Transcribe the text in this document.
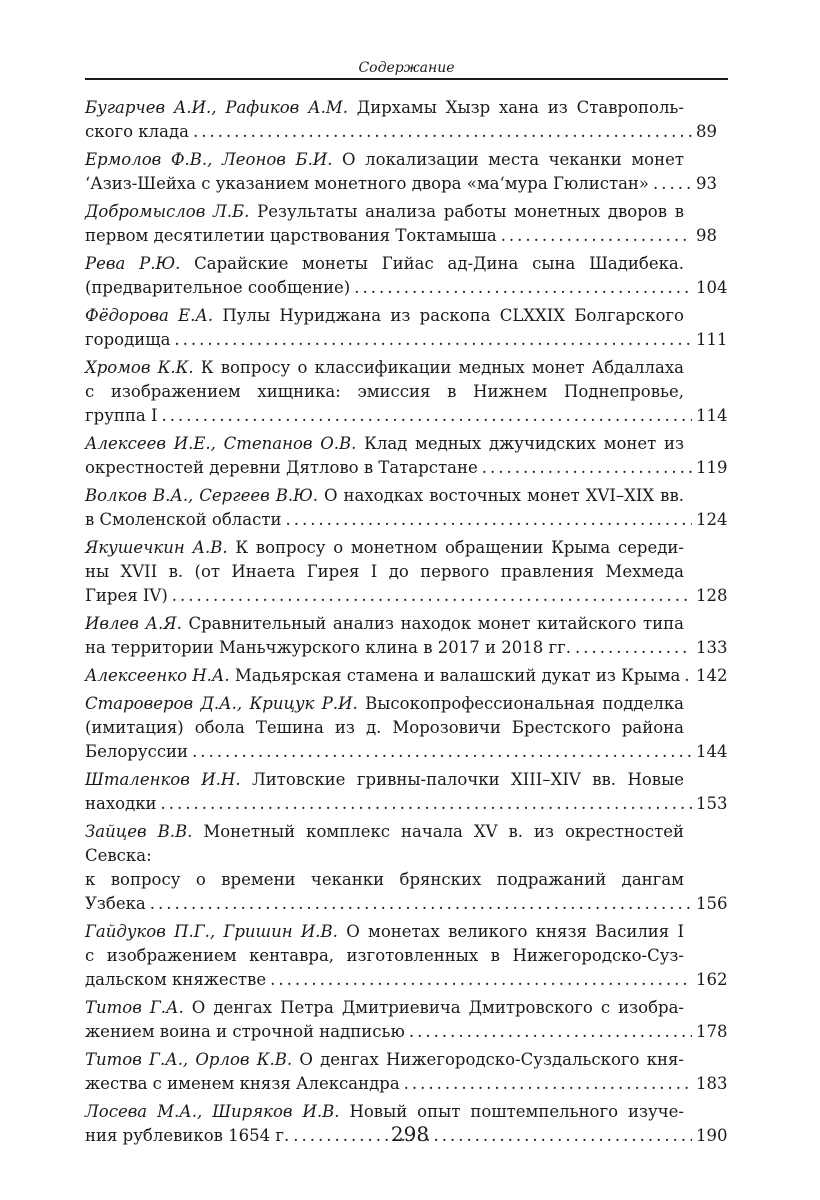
Содержание
Бугарчев А.И., Рафиков А.М. Дирхамы Хызр хана из Ставрополь-
ского клада .....	89
Ермолов Ф.В., Леонов Б.И. О локализации места чеканки монет
‘Азиз-Шейха с указанием монетного двора «ма‘мура Гюлистан» .....	93
Добромыслов Л.Б. Результаты анализа работы монетных дворов в
первом десятилетии царствования Токтамыша .....	98
Рева Р.Ю. Сарайские монеты Гийас ад-Дина сына Шадибека.
(предварительное сообщение) .....	104
Фёдорова Е.А. Пулы Нуриджана из раскопа CLXXIX Болгарского
городища .....	111
Хромов К.К. К вопросу о классификации медных монет Абдаллаха
с изображением хищника: эмиссия в Нижнем Поднепровье,
группа I .....	114
Алексеев И.Е., Степанов О.В. Клад медных джучидских монет из
окрестностей деревни Дятлово в Татарстане .....	119
Волков В.А., Сергеев В.Ю. О находках восточных монет XVI–XIX вв.
в Смоленской области .....	124
Якушечкин А.В. К вопросу о монетном обращении Крыма середи-
ны XVII в. (от Инаета Гирея I до первого правления Мехмеда
Гирея IV) .....	128
Ивлев А.Я. Сравнительный анализ находок монет китайского типа
на территории Маньчжурского клина в 2017 и 2018 гг. .....	133
Алексеенко Н.А. Мадьярская стамена и валашский дукат из Крыма ..... 142
Староверов Д.А., Крицук Р.И. Высокопрофессиональная подделка
(имитация) обола Тешина из д. Морозовичи Брестского района
Белоруссии .....	144
Шталенков И.Н. Литовские гривны-палочки XIII–XIV вв. Новые
находки .....	153
Зайцев В.В. Монетный комплекс начала XV в. из окрестностей Севска:
к вопросу о времени чеканки брянских подражаний дангам
Узбека .....	156
Гайдуков П.Г., Гришин И.В. О монетах великого князя Василия I
с изображением кентавра, изготовленных в Нижегородско-Суз-
дальском княжестве .....	162
Титов Г.А. О денгах Петра Дмитриевича Дмитровского с изобра-
жением воина и строчной надписью .....	178
Титов Г.А., Орлов К.В. О денгах Нижегородско-Суздальского кня-
жества с именем князя Александра .....	183
Лосева М.А., Ширяков И.В. Новый опыт поштемпельного изуче-
ния рублевиков 1654 г. .....	190
298
